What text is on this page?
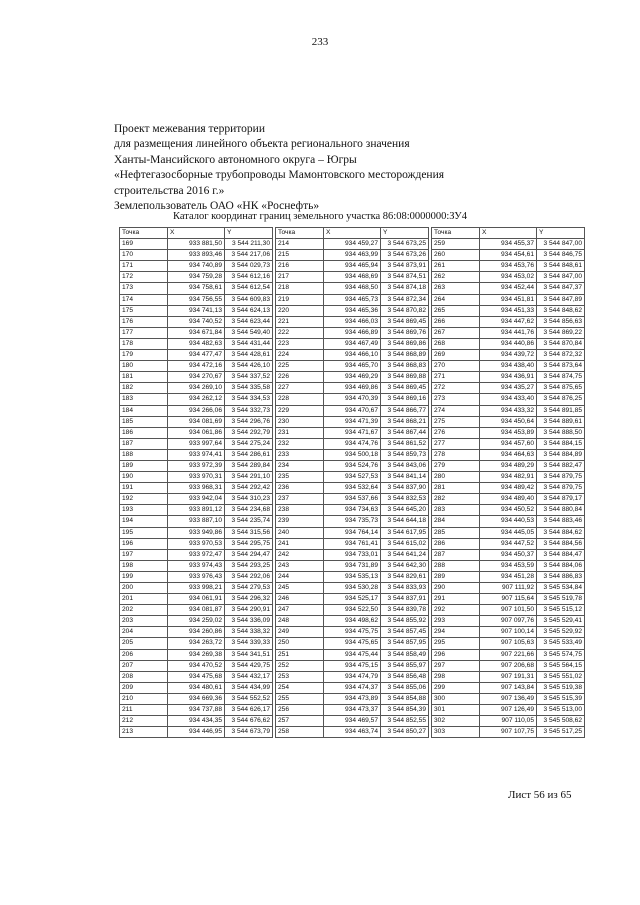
233
Проект межевания территории
для размещения линейного объекта регионального значения
Ханты-Мансийского автономного округа – Югры
«Нефтегазосборные трубопроводы Мамонтовского месторождения
строительства 2016 г.»
Землепользователь ОАО «НК «Роснефть»
Каталог координат границ земельного участка 86:08:0000000:ЗУ4
Точка	X	Y
169	933 881,50	3 544 211,30
170	933 893,46	3 544 217,06
171	934 740,89	3 544 029,73
172	934 759,28	3 544 612,16
173	934 758,61	3 544 612,54
174	934 756,55	3 544 609,83
175	934 741,13	3 544 624,13
176	934 740,52	3 544 623,44
177	934 671,84	3 544 549,40
178	934 482,63	3 544 431,44
179	934 477,47	3 544 428,61
180	934 472,16	3 544 426,10
181	934 270,67	3 544 337,52
182	934 269,10	3 544 335,58
183	934 262,12	3 544 334,53
184	934 266,06	3 544 332,73
185	934 081,69	3 544 296,76
186	934 061,86	3 544 292,79
187	933 997,64	3 544 275,24
188	933 974,41	3 544 286,61
189	933 972,39	3 544 289,84
190	933 970,31	3 544 291,10
191	933 968,31	3 544 292,42
192	933 942,04	3 544 310,23
193	933 891,12	3 544 234,68
194	933 887,10	3 544 235,74
195	933 949,86	3 544 315,56
196	933 970,53	3 544 295,75
197	933 972,47	3 544 294,47
198	933 974,43	3 544 293,25
199	933 976,43	3 544 292,06
200	933 998,21	3 544 279,53
201	934 061,91	3 544 296,32
202	934 081,87	3 544 290,91
203	934 259,02	3 544 336,09
204	934 260,86	3 544 338,32
205	934 263,72	3 544 339,33
206	934 269,38	3 544 341,51
207	934 470,52	3 544 429,75
208	934 475,68	3 544 432,17
209	934 480,61	3 544 434,99
210	934 669,36	3 544 552,52
211	934 737,88	3 544 626,17
212	934 434,35	3 544 676,62
213	934 446,95	3 544 673,79
Точка	X	Y
214	934 459,27	3 544 673,25
215	934 463,99	3 544 673,26
216	934 465,94	3 544 873,91
217	934 468,69	3 544 874,51
218	934 468,50	3 544 874,18
219	934 465,73	3 544 872,34
220	934 465,36	3 544 870,82
221	934 466,03	3 544 869,45
222	934 466,89	3 544 869,76
223	934 467,49	3 544 869,86
224	934 466,10	3 544 868,89
225	934 465,70	3 544 868,83
226	934 469,29	3 544 869,88
227	934 469,86	3 544 869,45
228	934 470,39	3 544 869,16
229	934 470,67	3 544 866,77
230	934 471,39	3 544 868,21
231	934 471,67	3 544 867,44
232	934 474,76	3 544 861,52
233	934 500,18	3 544 859,73
234	934 524,76	3 544 843,06
235	934 527,53	3 544 841,14
236	934 532,64	3 544 837,90
237	934 537,66	3 544 832,53
238	934 734,63	3 544 645,20
239	934 735,73	3 544 644,18
240	934 764,14	3 544 617,95
241	934 761,41	3 544 615,02
242	934 733,01	3 544 641,24
243	934 731,89	3 544 642,30
244	934 535,13	3 544 829,61
245	934 530,28	3 544 833,93
246	934 525,17	3 544 837,91
247	934 522,50	3 544 839,78
248	934 498,62	3 544 855,92
249	934 475,75	3 544 857,45
250	934 475,65	3 544 857,95
251	934 475,44	3 544 858,49
252	934 475,15	3 544 855,97
253	934 474,79	3 544 856,48
254	934 474,37	3 544 855,06
255	934 473,89	3 544 854,88
256	934 473,37	3 544 854,39
257	934 469,57	3 544 852,55
258	934 463,74	3 544 850,27
Точка	X	Y
259	934 455,37	3 544 847,00
260	934 454,61	3 544 846,75
261	934 453,76	3 544 848,61
262	934 453,02	3 544 847,00
263	934 452,44	3 544 847,37
264	934 451,81	3 544 847,89
265	934 451,33	3 544 848,62
266	934 447,62	3 544 856,63
267	934 441,76	3 544 869,22
268	934 440,86	3 544 870,84
269	934 439,72	3 544 872,32
270	934 438,40	3 544 873,64
271	934 436,91	3 544 874,75
272	934 435,27	3 544 875,65
273	934 433,40	3 544 876,25
274	934 433,32	3 544 891,85
275	934 450,64	3 544 889,61
276	934 453,89	3 544 888,50
277	934 457,60	3 544 884,15
278	934 464,63	3 544 884,89
279	934 489,29	3 544 882,47
280	934 482,91	3 544 879,75
281	934 489,42	3 544 879,75
282	934 489,40	3 544 879,17
283	934 450,52	3 544 880,84
284	934 440,53	3 544 883,46
285	934 445,05	3 544 884,62
286	934 447,52	3 544 884,56
287	934 450,37	3 544 884,47
288	934 453,59	3 544 884,06
289	934 451,28	3 544 886,83
290	907 111,92	3 545 534,84
291	907 115,64	3 545 519,78
292	907 101,50	3 545 515,12
293	907 097,76	3 545 529,41
294	907 100,14	3 545 529,92
295	907 105,63	3 545 533,49
296	907 221,66	3 545 574,75
297	907 206,68	3 545 564,15
298	907 191,31	3 545 551,02
299	907 143,84	3 545 519,38
300	907 136,49	3 545 515,39
301	907 126,49	3 545 513,00
302	907 110,05	3 545 508,62
303	907 107,75	3 545 517,25
Лист 56 из 65
